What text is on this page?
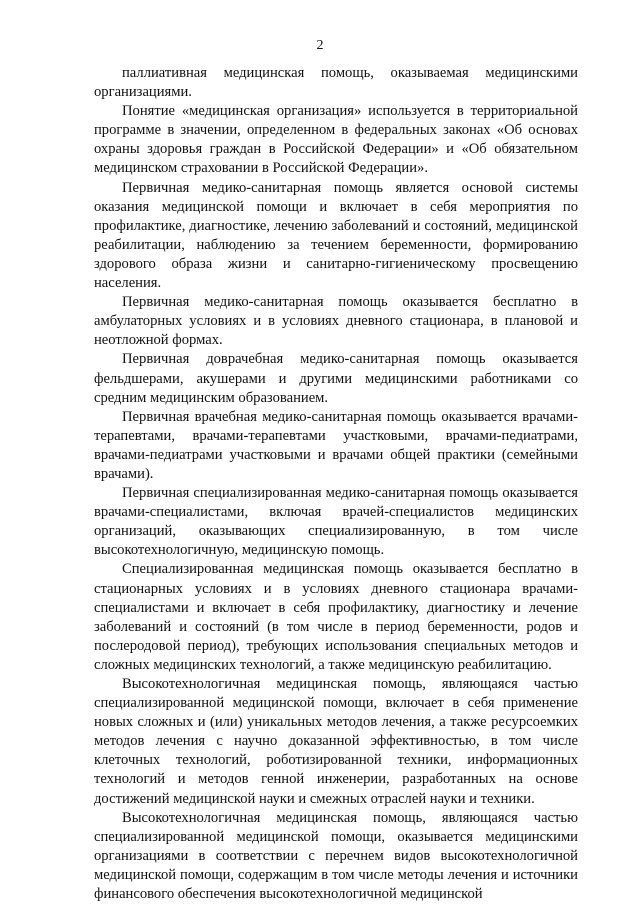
2

паллиативная медицинская помощь, оказываемая медицинскими организациями.

Понятие «медицинская организация» используется в территориальной программе в значении, определенном в федеральных законах «Об основах охраны здоровья граждан в Российской Федерации» и «Об обязательном медицинском страховании в Российской Федерации».

Первичная медико-санитарная помощь является основой системы оказания медицинской помощи и включает в себя мероприятия по профилактике, диагностике, лечению заболеваний и состояний, медицинской реабилитации, наблюдению за течением беременности, формированию здорового образа жизни и санитарно-гигиеническому просвещению населения.

Первичная медико-санитарная помощь оказывается бесплатно в амбулаторных условиях и в условиях дневного стационара, в плановой и неотложной формах.

Первичная доврачебная медико-санитарная помощь оказывается фельдшерами, акушерами и другими медицинскими работниками со средним медицинским образованием.

Первичная врачебная медико-санитарная помощь оказывается врачами-терапевтами, врачами-терапевтами участковыми, врачами-педиатрами, врачами-педиатрами участковыми и врачами общей практики (семейными врачами).

Первичная специализированная медико-санитарная помощь оказывается врачами-специалистами, включая врачей-специалистов медицинских организаций, оказывающих специализированную, в том числе высокотехнологичную, медицинскую помощь.

Специализированная медицинская помощь оказывается бесплатно в стационарных условиях и в условиях дневного стационара врачами-специалистами и включает в себя профилактику, диагностику и лечение заболеваний и состояний (в том числе в период беременности, родов и послеродовой период), требующих использования специальных методов и сложных медицинских технологий, а также медицинскую реабилитацию.

Высокотехнологичная медицинская помощь, являющаяся частью специализированной медицинской помощи, включает в себя применение новых сложных и (или) уникальных методов лечения, а также ресурсоемких методов лечения с научно доказанной эффективностью, в том числе клеточных технологий, роботизированной техники, информационных технологий и методов генной инженерии, разработанных на основе достижений медицинской науки и смежных отраслей науки и техники.

Высокотехнологичная медицинская помощь, являющаяся частью специализированной медицинской помощи, оказывается медицинскими организациями в соответствии с перечнем видов высокотехнологичной медицинской помощи, содержащим в том числе методы лечения и источники финансового обеспечения высокотехнологичной медицинской
